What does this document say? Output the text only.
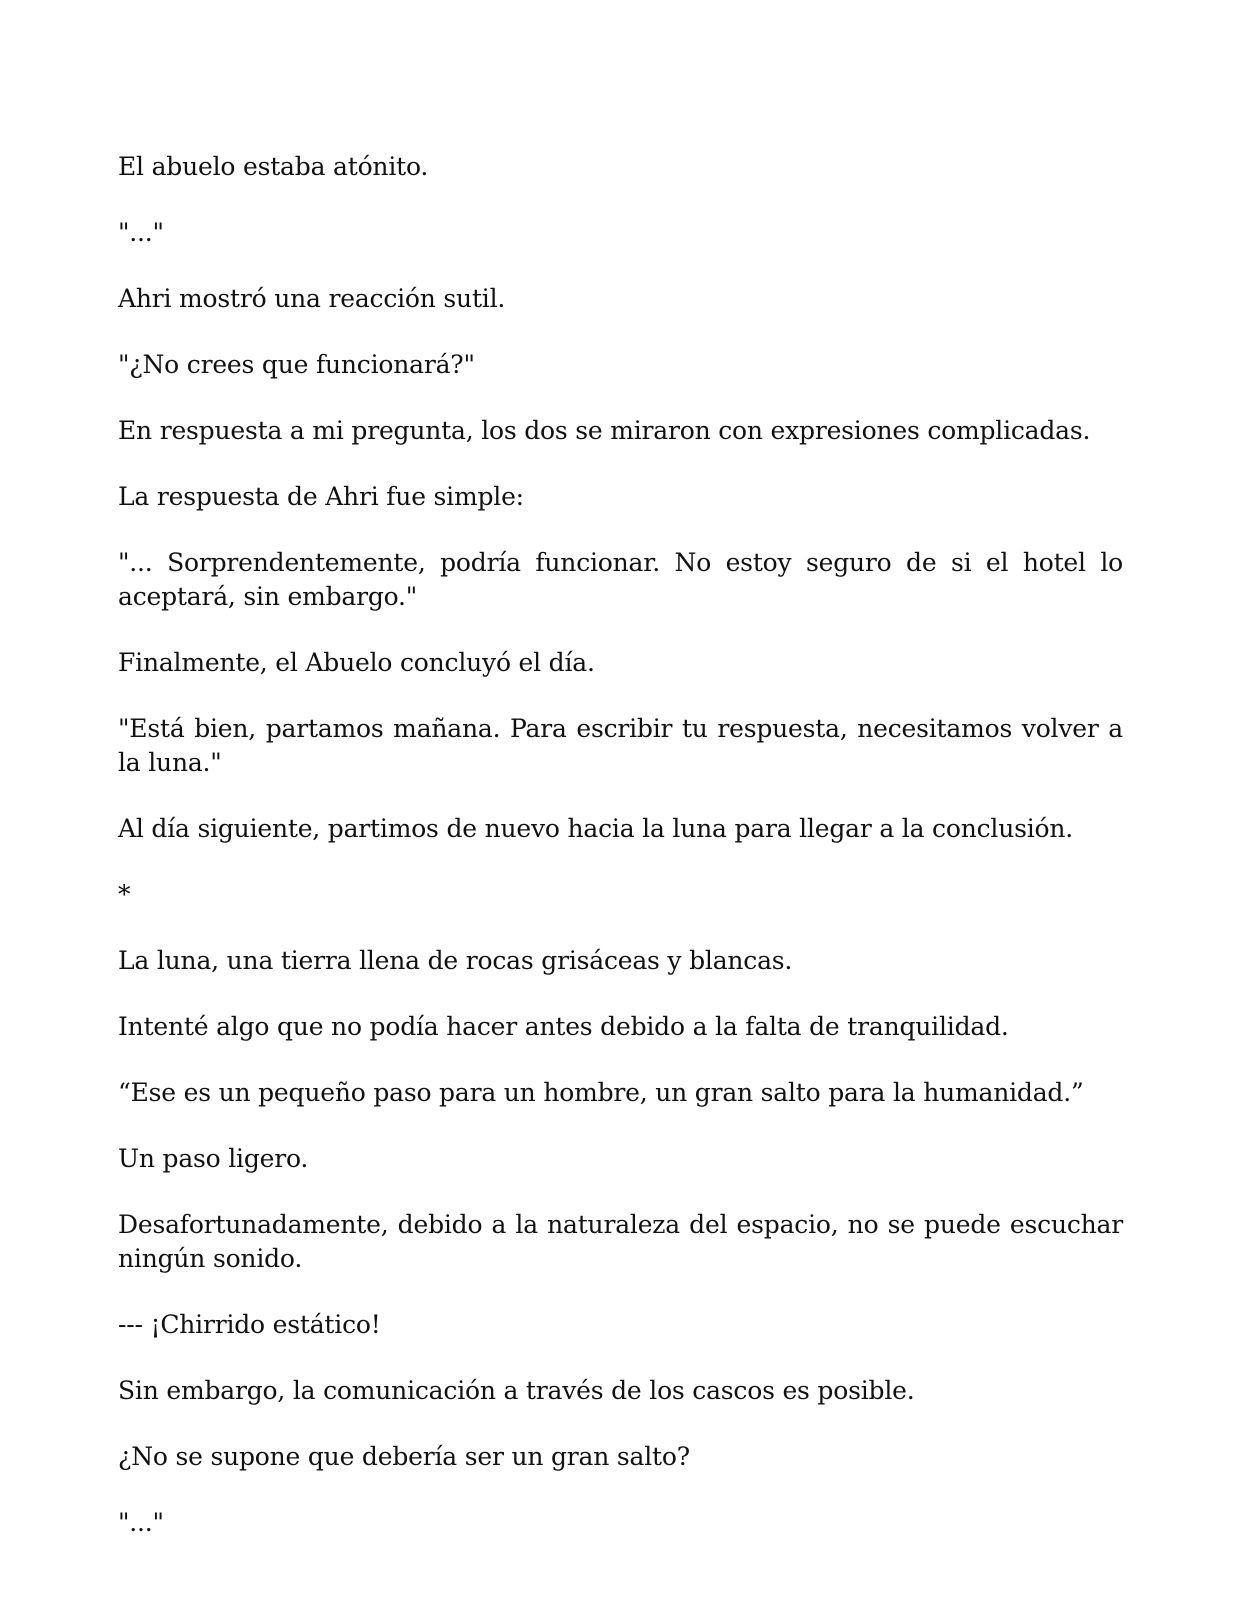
El abuelo estaba atónito.

"..."

Ahri mostró una reacción sutil.

"¿No crees que funcionará?"

En respuesta a mi pregunta, los dos se miraron con expresiones complicadas.

La respuesta de Ahri fue simple:

"... Sorprendentemente, podría funcionar. No estoy seguro de si el hotel lo aceptará, sin embargo."

Finalmente, el Abuelo concluyó el día.

"Está bien, partamos mañana. Para escribir tu respuesta, necesitamos volver a la luna."

Al día siguiente, partimos de nuevo hacia la luna para llegar a la conclusión.

*

La luna, una tierra llena de rocas grisáceas y blancas.

Intenté algo que no podía hacer antes debido a la falta de tranquilidad.

“Ese es un pequeño paso para un hombre, un gran salto para la humanidad.”

Un paso ligero.

Desafortunadamente, debido a la naturaleza del espacio, no se puede escuchar ningún sonido.

--- ¡Chirrido estático!

Sin embargo, la comunicación a través de los cascos es posible.

¿No se supone que debería ser un gran salto?

"..."
